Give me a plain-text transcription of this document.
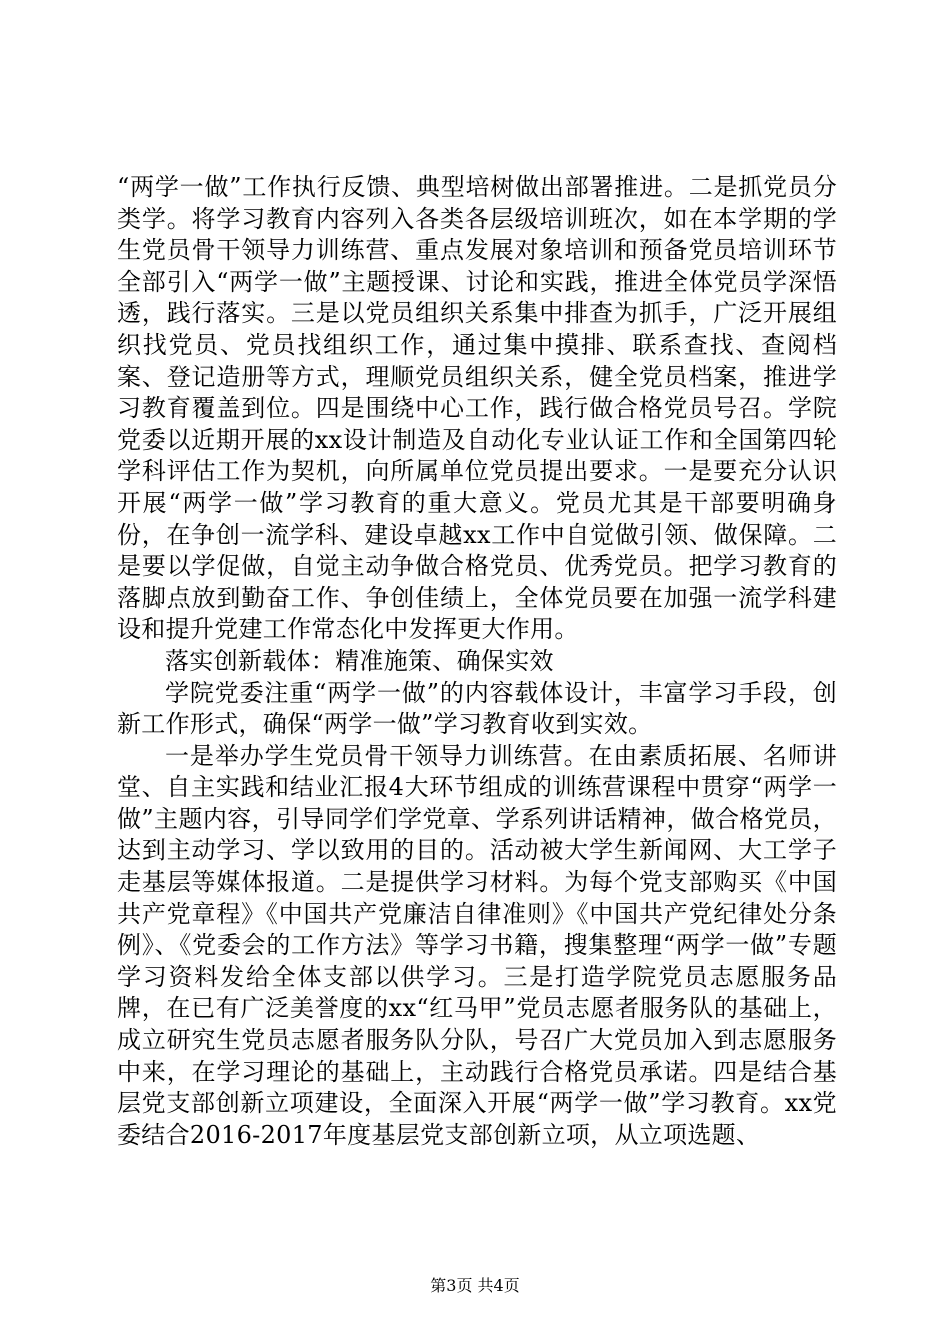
“两学一做”工作执行反馈、典型培树做出部署推进。二是抓党员分类学。将学习教育内容列入各类各层级培训班次，如在本学期的学生党员骨干领导力训练营、重点发展对象培训和预备党员培训环节全部引入“两学一做”主题授课、讨论和实践，推进全体党员学深悟透，践行落实。三是以党员组织关系集中排查为抓手，广泛开展组织找党员、党员找组织工作，通过集中摸排、联系查找、查阅档案、登记造册等方式，理顺党员组织关系，健全党员档案，推进学习教育覆盖到位。四是围绕中心工作，践行做合格党员号召。学院党委以近期开展的xx设计制造及自动化专业认证工作和全国第四轮学科评估工作为契机，向所属单位党员提出要求。一是要充分认识开展“两学一做”学习教育的重大意义。党员尤其是干部要明确身份，在争创一流学科、建设卓越xx工作中自觉做引领、做保障。二是要以学促做，自觉主动争做合格党员、优秀党员。把学习教育的落脚点放到勤奋工作、争创佳绩上，全体党员要在加强一流学科建设和提升党建工作常态化中发挥更大作用。

落实创新载体：精准施策、确保实效

学院党委注重“两学一做”的内容载体设计，丰富学习手段，创新工作形式，确保“两学一做”学习教育收到实效。

一是举办学生党员骨干领导力训练营。在由素质拓展、名师讲堂、自主实践和结业汇报4大环节组成的训练营课程中贯穿“两学一做”主题内容，引导同学们学党章、学系列讲话精神，做合格党员，达到主动学习、学以致用的目的。活动被大学生新闻网、大工学子走基层等媒体报道。二是提供学习材料。为每个党支部购买《中国共产党章程》《中国共产党廉洁自律准则》《中国共产党纪律处分条例》、《党委会的工作方法》等学习书籍，搜集整理“两学一做”专题学习资料发给全体支部以供学习。三是打造学院党员志愿服务品牌，在已有广泛美誉度的xx“红马甲”党员志愿者服务队的基础上，成立研究生党员志愿者服务队分队，号召广大党员加入到志愿服务中来，在学习理论的基础上，主动践行合格党员承诺。四是结合基层党支部创新立项建设，全面深入开展“两学一做”学习教育。xx党委结合2016-2017年度基层党支部创新立项，从立项选题、

第3页 共4页
